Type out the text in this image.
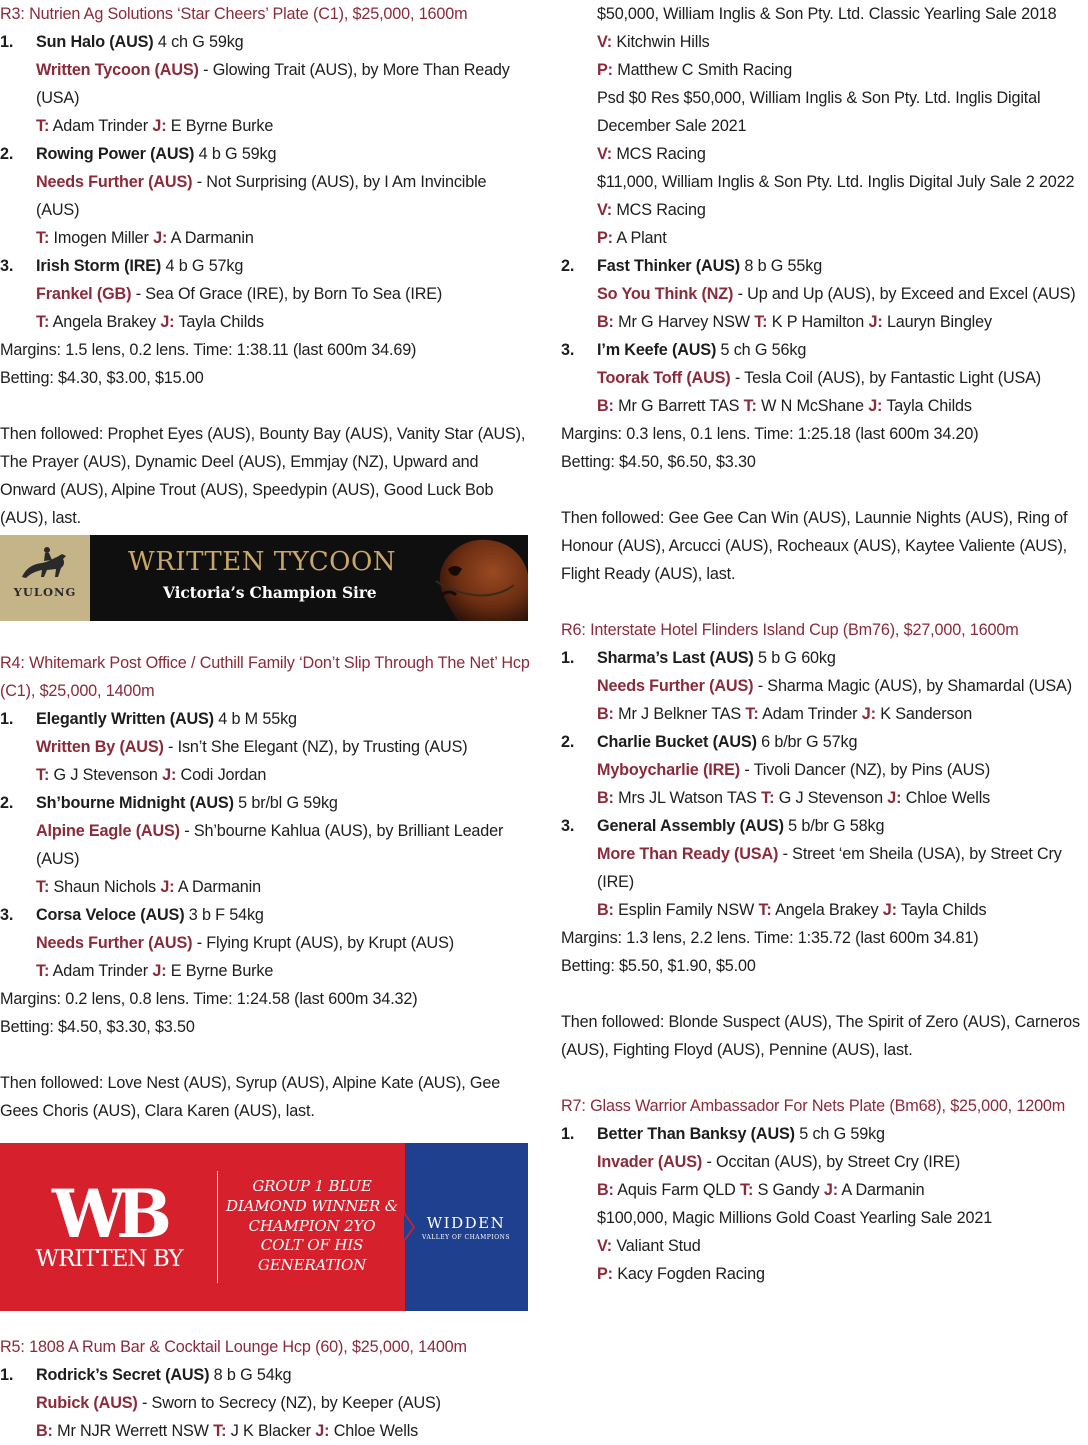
R3: Nutrien Ag Solutions ‘Star Cheers’ Plate (C1), $25,000, 1600m
1.	Sun Halo (AUS) 4 ch G 59kg
Written Tycoon (AUS) - Glowing Trait (AUS), by More Than Ready (USA)
T: Adam Trinder J: E Byrne Burke
2.	Rowing Power (AUS) 4 b G 59kg
Needs Further (AUS) - Not Surprising (AUS), by I Am Invincible (AUS)
T: Imogen Miller J: A Darmanin
3.	Irish Storm (IRE) 4 b G 57kg
Frankel (GB) - Sea Of Grace (IRE), by Born To Sea (IRE)
T: Angela Brakey J: Tayla Childs
Margins: 1.5 lens, 0.2 lens. Time: 1:38.11 (last 600m 34.69)
Betting: $4.30, $3.00, $15.00
Then followed: Prophet Eyes (AUS), Bounty Bay (AUS), Vanity Star (AUS), The Prayer (AUS), Dynamic Deel (AUS), Emmjay (NZ), Upward and Onward (AUS), Alpine Trout (AUS), Speedypin (AUS), Good Luck Bob (AUS), last.
YULONG
WRITTEN TYCOON
Victoria’s Champion Sire
R4: Whitemark Post Office / Cuthill Family ‘Don’t Slip Through The Net’ Hcp (C1), $25,000, 1400m
1.	Elegantly Written (AUS) 4 b M 55kg
Written By (AUS) - Isn’t She Elegant (NZ), by Trusting (AUS)
T: G J Stevenson J: Codi Jordan
2.	Sh’bourne Midnight (AUS) 5 br/bl G 59kg
Alpine Eagle (AUS) - Sh’bourne Kahlua (AUS), by Brilliant Leader (AUS)
T: Shaun Nichols J: A Darmanin
3.	Corsa Veloce (AUS) 3 b F 54kg
Needs Further (AUS) - Flying Krupt (AUS), by Krupt (AUS)
T: Adam Trinder J: E Byrne Burke
Margins: 0.2 lens, 0.8 lens. Time: 1:24.58 (last 600m 34.32)
Betting: $4.50, $3.30, $3.50
Then followed: Love Nest (AUS), Syrup (AUS), Alpine Kate (AUS), Gee Gees Choris (AUS), Clara Karen (AUS), last.
WB
WRITTEN BY
GROUP 1 BLUE DIAMOND WINNER & CHAMPION 2YO COLT OF HIS GENERATION
WIDDEN
VALLEY OF CHAMPIONS
R5: 1808 A Rum Bar & Cocktail Lounge Hcp (60), $25,000, 1400m
1.	Rodrick’s Secret (AUS) 8 b G 54kg
Rubick (AUS) - Sworn to Secrecy (NZ), by Keeper (AUS)
B: Mr NJR Werrett NSW T: J K Blacker J: Chloe Wells
$50,000, William Inglis & Son Pty. Ltd. Classic Yearling Sale 2018
V: Kitchwin Hills
P: Matthew C Smith Racing
Psd $0 Res $50,000, William Inglis & Son Pty. Ltd. Inglis Digital December Sale 2021
V: MCS Racing
$11,000, William Inglis & Son Pty. Ltd. Inglis Digital July Sale 2 2022
V: MCS Racing
P: A Plant
2.	Fast Thinker (AUS) 8 b G 55kg
So You Think (NZ) - Up and Up (AUS), by Exceed and Excel (AUS)
B: Mr G Harvey NSW T: K P Hamilton J: Lauryn Bingley
3.	I’m Keefe (AUS) 5 ch G 56kg
Toorak Toff (AUS) - Tesla Coil (AUS), by Fantastic Light (USA)
B: Mr G Barrett TAS T: W N McShane J: Tayla Childs
Margins: 0.3 lens, 0.1 lens. Time: 1:25.18 (last 600m 34.20)
Betting: $4.50, $6.50, $3.30
Then followed: Gee Gee Can Win (AUS), Launnie Nights (AUS), Ring of Honour (AUS), Arcucci (AUS), Rocheaux (AUS), Kaytee Valiente (AUS), Flight Ready (AUS), last.
R6: Interstate Hotel Flinders Island Cup (Bm76), $27,000, 1600m
1.	Sharma’s Last (AUS) 5 b G 60kg
Needs Further (AUS) - Sharma Magic (AUS), by Shamardal (USA)
B: Mr J Belkner TAS T: Adam Trinder J: K Sanderson
2.	Charlie Bucket (AUS) 6 b/br G 57kg
Myboycharlie (IRE) - Tivoli Dancer (NZ), by Pins (AUS)
B: Mrs JL Watson TAS T: G J Stevenson J: Chloe Wells
3.	General Assembly (AUS) 5 b/br G 58kg
More Than Ready (USA) - Street ‘em Sheila (USA), by Street Cry (IRE)
B: Esplin Family NSW T: Angela Brakey J: Tayla Childs
Margins: 1.3 lens, 2.2 lens. Time: 1:35.72 (last 600m 34.81)
Betting: $5.50, $1.90, $5.00
Then followed: Blonde Suspect (AUS), The Spirit of Zero (AUS), Carneros (AUS), Fighting Floyd (AUS), Pennine (AUS), last.
R7: Glass Warrior Ambassador For Nets Plate (Bm68), $25,000, 1200m
1.	Better Than Banksy (AUS) 5 ch G 59kg
Invader (AUS) - Occitan (AUS), by Street Cry (IRE)
B: Aquis Farm QLD T: S Gandy J: A Darmanin
$100,000, Magic Millions Gold Coast Yearling Sale 2021
V: Valiant Stud
P: Kacy Fogden Racing
